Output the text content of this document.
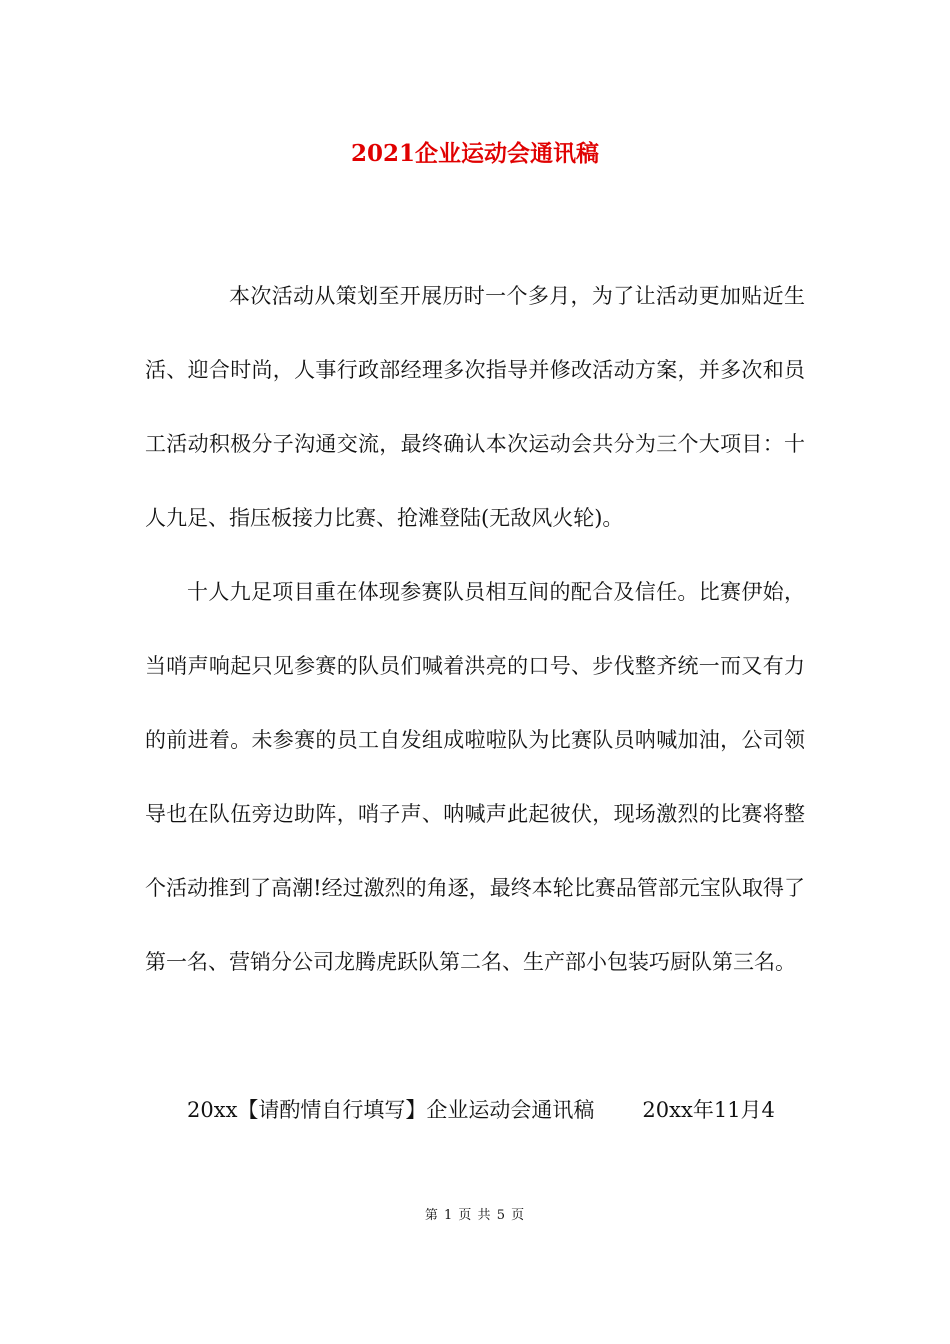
2021企业运动会通讯稿

本次活动从策划至开展历时一个多月，为了让活动更加贴近生活、迎合时尚，人事行政部经理多次指导并修改活动方案，并多次和员工活动积极分子沟通交流，最终确认本次运动会共分为三个大项目：十人九足、指压板接力比赛、抢滩登陆(无敌风火轮)。

十人九足项目重在体现参赛队员相互间的配合及信任。比赛伊始，当哨声响起只见参赛的队员们喊着洪亮的口号、步伐整齐统一而又有力的前进着。未参赛的员工自发组成啦啦队为比赛队员呐喊加油，公司领导也在队伍旁边助阵，哨子声、呐喊声此起彼伏，现场激烈的比赛将整个活动推到了高潮!经过激烈的角逐，最终本轮比赛品管部元宝队取得了第一名、营销分公司龙腾虎跃队第二名、生产部小包装巧厨队第三名。

20xx【请酌情自行填写】企业运动会通讯稿 20xx年11月4

第 1 页 共 5 页
